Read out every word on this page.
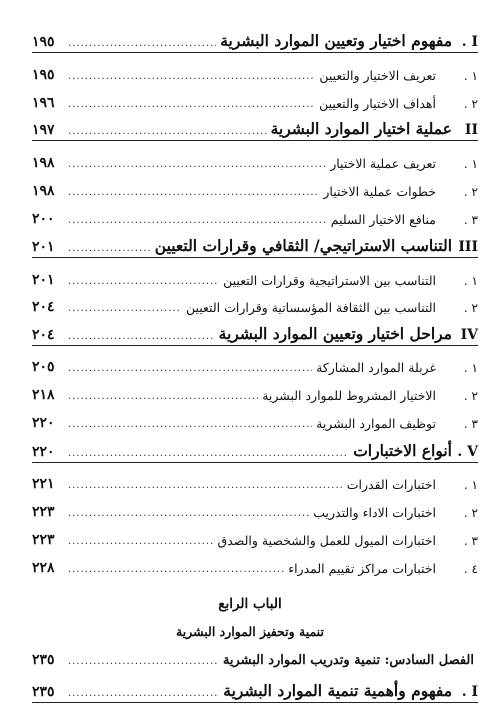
I .
مفهوم اختيار وتعيين الموارد البشرية
.....
١٩٥
١ .
تعريف الاختيار والتعيين
.....
١٩٥
٢ .
أهداف الاختيار والتعيين
.....
١٩٦
II
عملية اختيار الموارد البشرية
.....
١٩٧
١ .
تعريف عملية الاختيار
.....
١٩٨
٢ .
خطوات عملية الاختيار
.....
١٩٨
٣ .
منافع الاختيار السليم
.....
٢٠٠
III
التناسب الاستراتيجي/ الثقافي وقرارات التعيين
.....
٢٠١
١ .
التناسب بين الاستراتيجية وقرارات التعيين
.....
٢٠١
٢ .
التناسب بين الثقافة المؤسساتية وقرارات التعيين
.....
٢٠٤
IV
مراحل اختيار وتعيين الموارد البشرية
.....
٢٠٤
١ .
غربلة الموارد المشاركة
.....
٢٠٥
٢ .
الاختيار المشروط للموارد البشرية
.....
٢١٨
٣ .
توظيف الموارد البشرية
.....
٢٢٠
V .
أنواع الاختبارات
.....
٢٢٠
١ .
اختبارات القدرات
.....
٢٢١
٢ .
اختبارات الاداء والتدريب
.....
٢٢٣
٣ .
اختبارات الميول للعمل والشخصية والصدق
.....
٢٢٣
٤ .
اختبارات مراكز تقييم المدراء
.....
٢٢٨
الباب الرابع
تنمية وتحفيز الموارد البشرية
الفصل السادس: تنمية وتدريب الموارد البشرية
.....
٢٣٥
I .
مفهوم وأهمية تنمية الموارد البشرية
.....
٢٣٥
